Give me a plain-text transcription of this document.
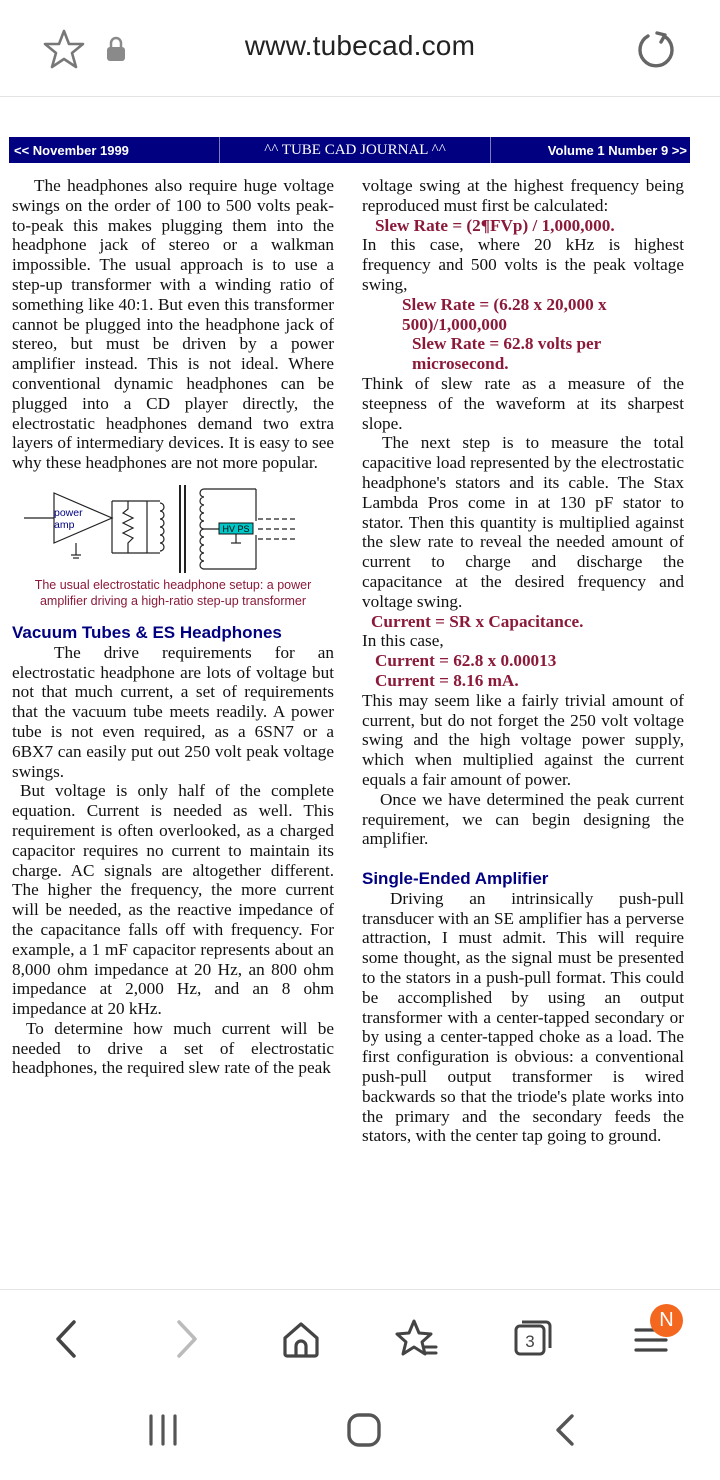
www.tubecad.com
<< November 1999	^^ TUBE CAD JOURNAL ^^	Volume 1 Number 9 >>

The headphones also require huge voltage swings on the order of 100 to 500 volts peak-to-peak this makes plugging them into the headphone jack of stereo or a walkman impossible. The usual approach is to use a step-up transformer with a winding ratio of something like 40:1. But even this transformer cannot be plugged into the headphone jack of stereo, but must be driven by a power amplifier instead. This is not ideal. Where conventional dynamic headphones can be plugged into a CD player directly, the electrostatic headphones demand two extra layers of intermediary devices. It is easy to see why these headphones are not more popular.

HV PS
power
amp

The usual electrostatic headphone setup: a power amplifier driving a high-ratio step-up transformer

Vacuum Tubes & ES Headphones

The drive requirements for an electrostatic headphone are lots of voltage but not that much current, a set of requirements that the vacuum tube meets readily. A power tube is not even required, as a 6SN7 or a 6BX7 can easily put out 250 volt peak voltage swings.

But voltage is only half of the complete equation. Current is needed as well. This requirement is often overlooked, as a charged capacitor requires no current to maintain its charge. AC signals are altogether different. The higher the frequency, the more current will be needed, as the reactive impedance of the capacitance falls off with frequency. For example, a 1 mF capacitor represents about an 8,000 ohm impedance at 20 Hz, an 800 ohm impedance at 2,000 Hz, and an 8 ohm impedance at 20 kHz.

To determine how much current will be needed to drive a set of electrostatic headphones, the required slew rate of the peak

voltage swing at the highest frequency being reproduced must first be calculated:

Slew Rate = (2¶FVp) / 1,000,000.

In this case, where 20 kHz is highest frequency and 500 volts is the peak voltage swing,

Slew Rate = (6.28 x 20,000 x 500)/1,000,000

Slew Rate = 62.8 volts per microsecond.

Think of slew rate as a measure of the steepness of the waveform at its sharpest slope.

The next step is to measure the total capacitive load represented by the electrostatic headphone's stators and its cable. The Stax Lambda Pros come in at 130 pF stator to stator. Then this quantity is multiplied against the slew rate to reveal the needed amount of current to charge and discharge the capacitance at the desired frequency and voltage swing.

Current = SR x Capacitance.

In this case,

Current = 62.8 x 0.00013

Current = 8.16 mA.

This may seem like a fairly trivial amount of current, but do not forget the 250 volt voltage swing and the high voltage power supply, which when multiplied against the current equals a fair amount of power.

Once we have determined the peak current requirement, we can begin designing the amplifier.

Single-Ended Amplifier

Driving an intrinsically push-pull transducer with an SE amplifier has a perverse attraction, I must admit. This will require some thought, as the signal must be presented to the stators in a push-pull format. This could be accomplished by using an output transformer with a center-tapped secondary or by using a center-tapped choke as a load. The first configuration is obvious: a conventional push-pull output transformer is wired backwards so that the triode's plate works into the primary and the secondary feeds the stators, with the center tap going to ground.

3
N
